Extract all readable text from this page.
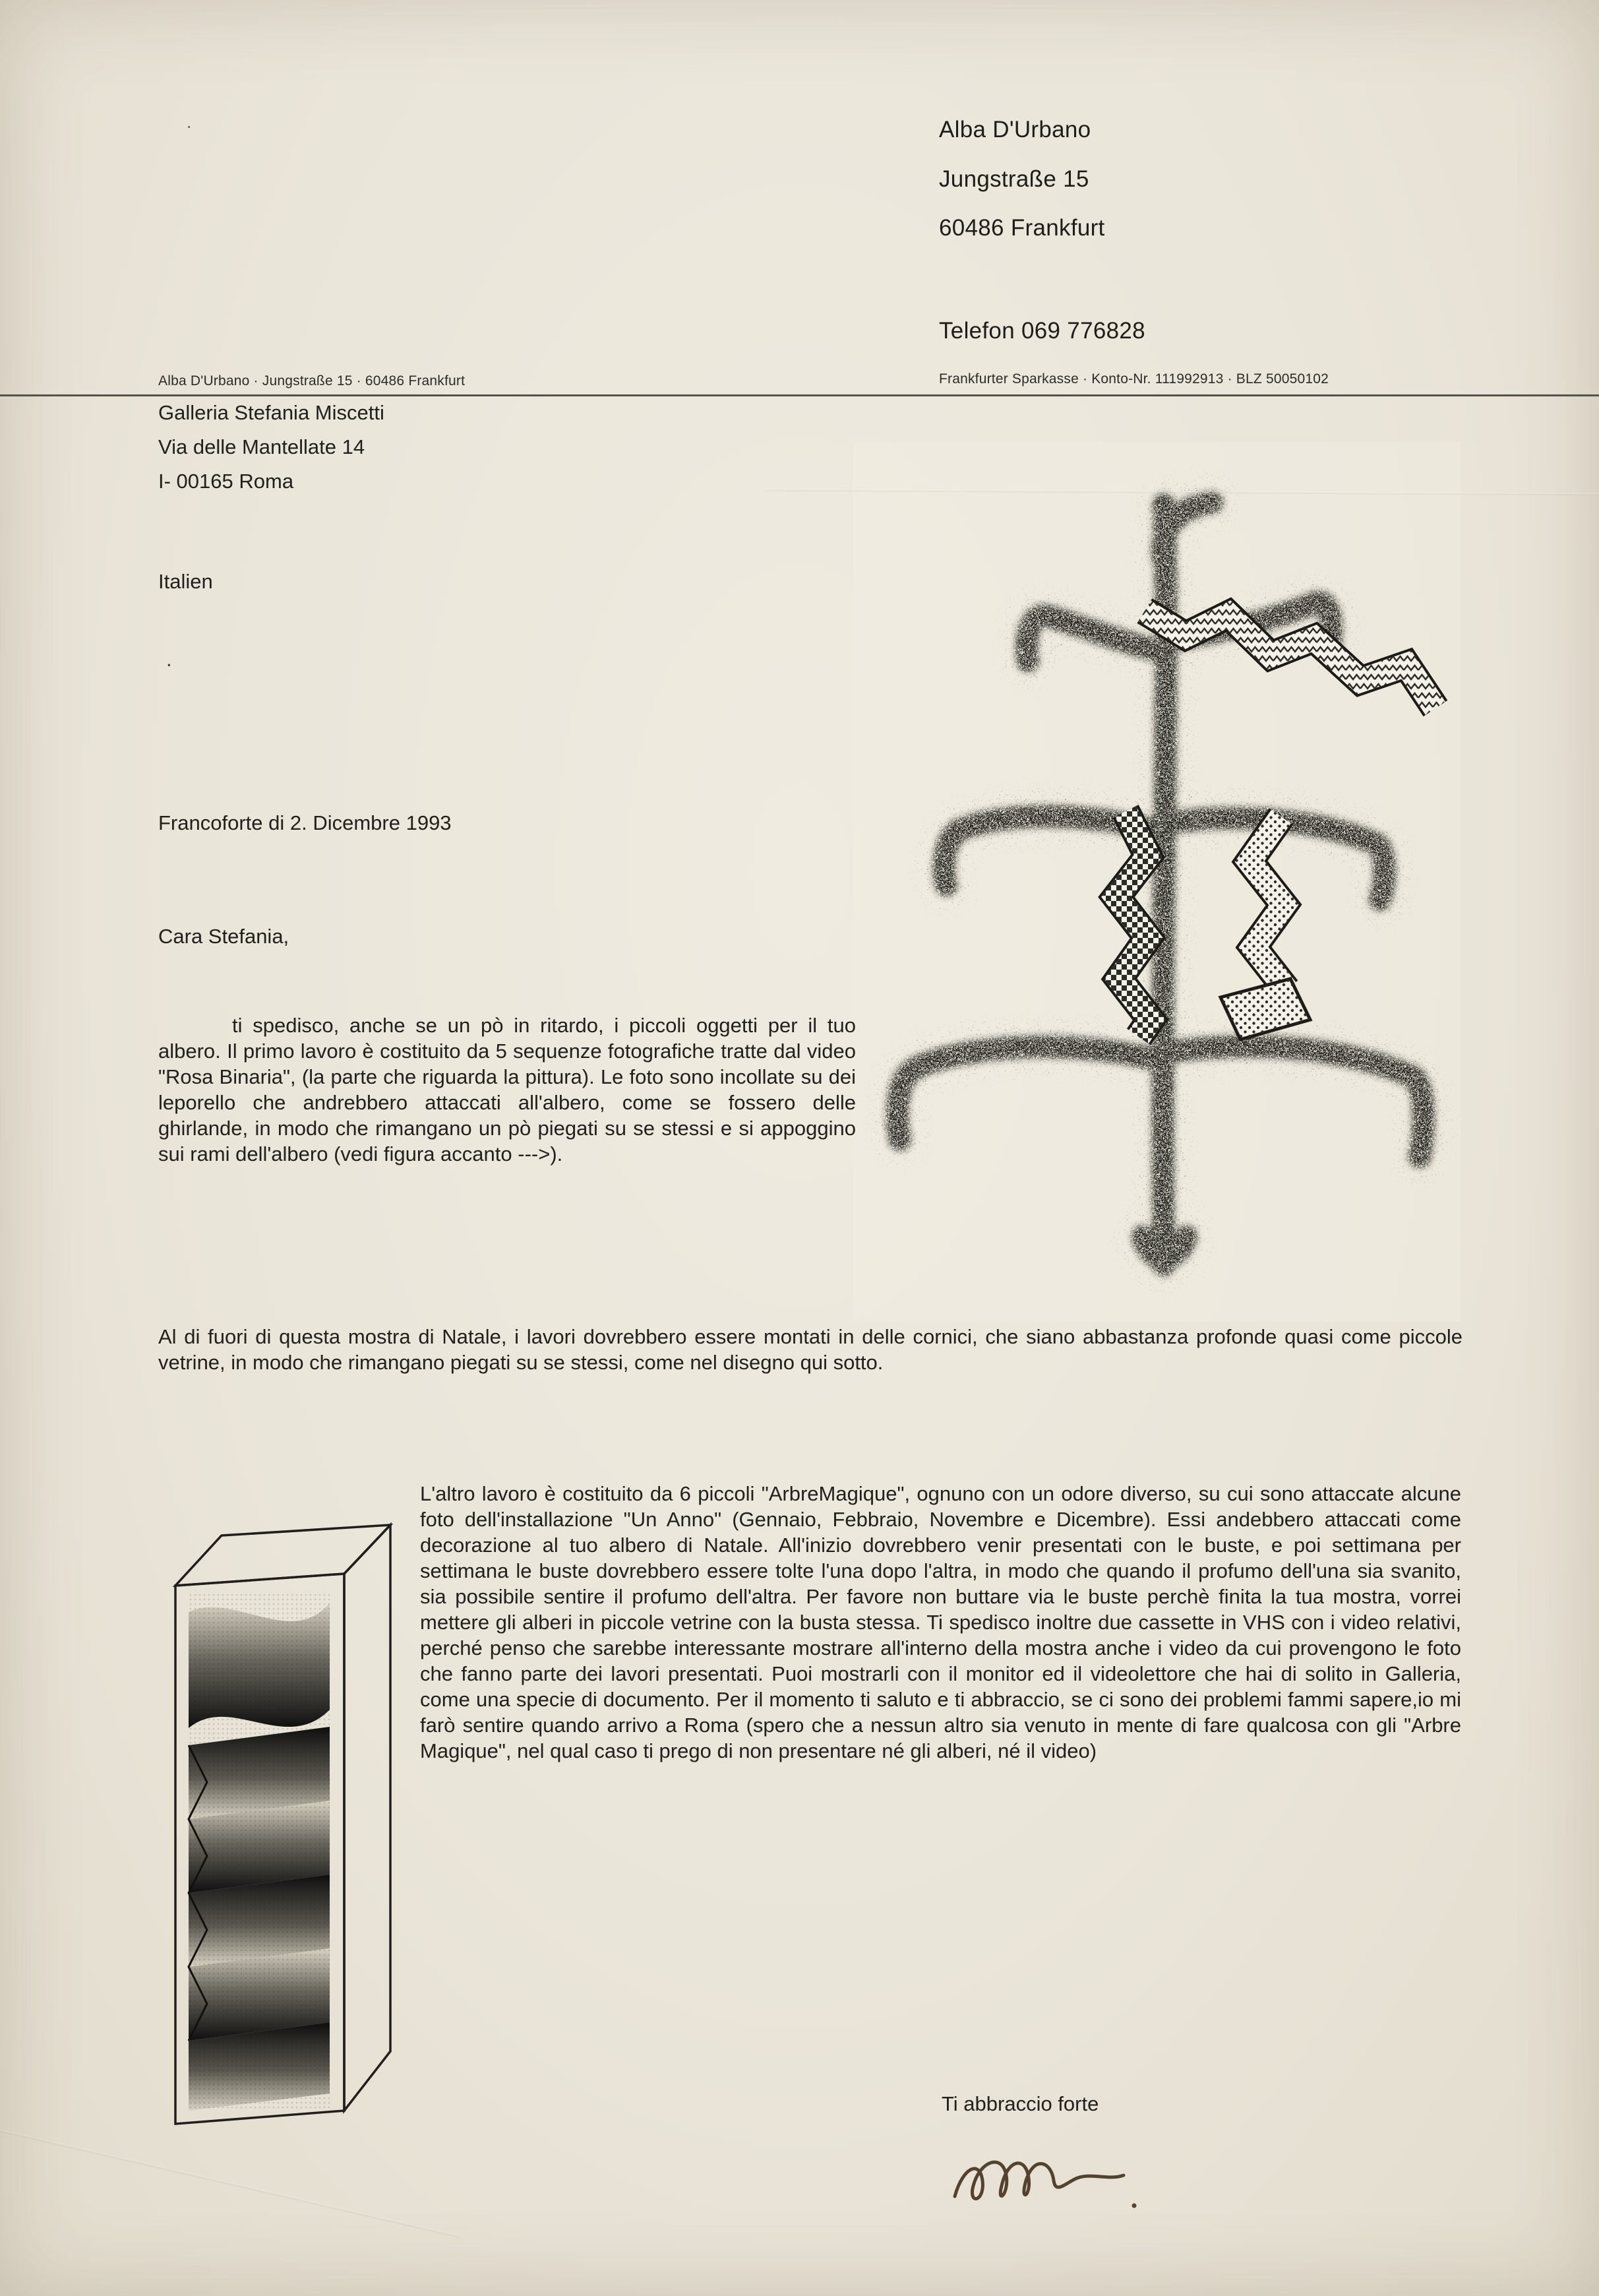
Alba D'Urbano
Jungstraße 15
60486 Frankfurt
Telefon 069 776828
Alba D'Urbano · Jungstraße 15 · 60486 Frankfurt	Frankfurter Sparkasse · Konto-Nr. 111992913 · BLZ 50050102
.
Galleria Stefania Miscetti
Via delle Mantellate 14
I- 00165 Roma
Italien
.
Francoforte di 2. Dicembre 1993
Cara Stefania,
ti spedisco, anche se un pò in ritardo, i piccoli oggetti per il tuo albero. Il primo lavoro è costituito da 5 sequenze fotografiche tratte dal video "Rosa Binaria", (la parte che riguarda la pittura). Le foto sono incollate su dei leporello che andrebbero attaccati all'albero, come se fossero delle ghirlande, in modo che rimangano un pò piegati su se stessi e si appoggino sui rami dell'albero (vedi figura accanto --->).
Al di fuori di questa mostra di Natale, i lavori dovrebbero essere montati in delle cornici, che siano abbastanza profonde quasi come piccole vetrine, in modo che rimangano piegati su se stessi, come nel disegno qui sotto.
L'altro lavoro è costituito da 6 piccoli "ArbreMagique", ognuno con un odore diverso, su cui sono attaccate alcune foto dell'installazione "Un Anno" (Gennaio, Febbraio, Novembre e Dicembre). Essi andebbero attaccati come decorazione al tuo albero di Natale. All'inizio dovrebbero venir presentati con le buste, e poi settimana per settimana le buste dovrebbero essere tolte l'una dopo l'altra, in modo che quando il profumo dell'una sia svanito, sia possibile sentire il profumo dell'altra. Per favore non buttare via le buste perchè finita la tua mostra, vorrei mettere gli alberi in piccole vetrine con la busta stessa. Ti spedisco inoltre due cassette in VHS con i video relativi, perché penso che sarebbe interessante mostrare all'interno della mostra anche i video da cui provengono le foto che fanno parte dei lavori presentati. Puoi mostrarli con il monitor ed il videolettore che hai di solito in Galleria, come una specie di documento. Per il momento ti saluto e ti abbraccio, se ci sono dei problemi fammi sapere,io mi farò sentire quando arrivo a Roma (spero che a nessun altro sia venuto in mente di fare qualcosa con gli "Arbre Magique", nel qual caso ti prego di non presentare né gli alberi, né il video)
Ti abbraccio forte
